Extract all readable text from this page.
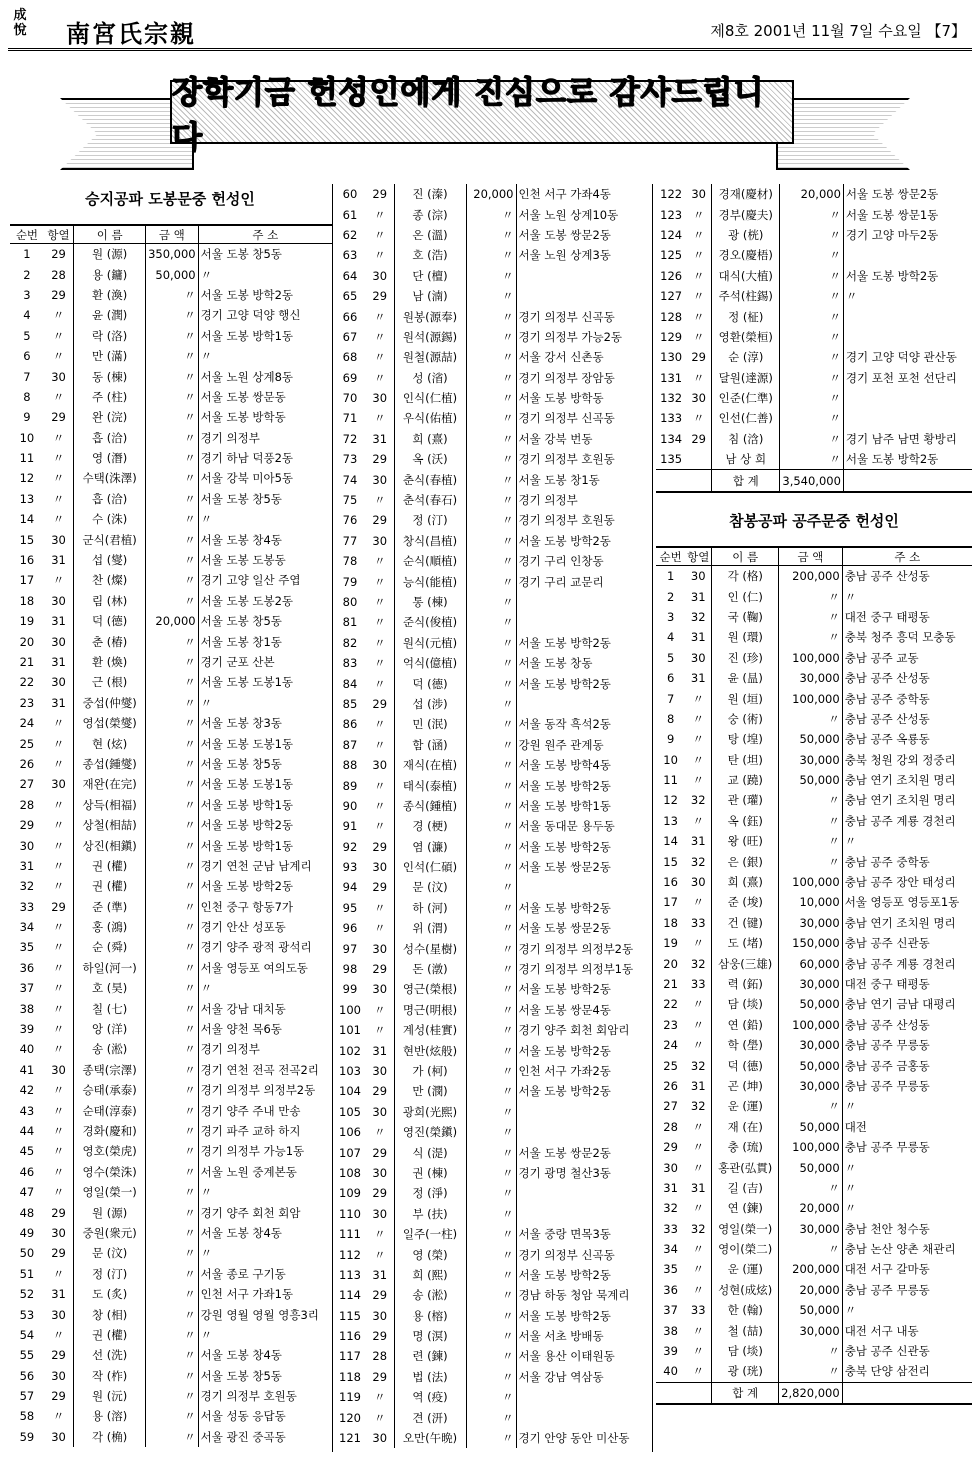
成悅 南宮氏宗親	제8호 2001년 11월 7일 수요일 【7】
장학기금 헌성인에게 진심으로 감사드립니다
승지공파 도봉문중 헌성인
순번	항열	이 름	금 액	주 소
1	29	원 (源)	350,000	서울 도봉 창5동
2	28	용 (鏞)	50,000	〃
3	29	환 (渙)	〃	서울 도봉 방학2동
4	〃	윤 (潤)	〃	경기 고양 덕양 행신
5	〃	락 (洛)	〃	서울 도봉 방학1동
6	〃	만 (滿)	〃	〃
7	30	동 (棟)	〃	서울 노원 상계8동
8	〃	주 (柱)	〃	서울 도봉 쌍문동
9	29	완 (浣)	〃	서울 도봉 방학동
10	〃	흡 (洽)	〃	경기 의정부
11	〃	영 (潛)	〃	경기 하남 덕풍2동
12	〃	수택(洙澤)	〃	서울 강북 미아5동
13	〃	흡 (洽)	〃	서울 도봉 창5동
14	〃	수 (洙)	〃	〃
15	30	군식(君植)	〃	서울 도봉 창4동
16	31	섭 (燮)	〃	서울 도봉 도봉동
17	〃	찬 (燦)	〃	경기 고양 일산 주엽
18	30	림 (林)	〃	서울 도봉 도봉2동
19	31	덕 (德)	20,000	서울 도봉 창5동
20	30	춘 (椿)	〃	서울 도봉 창1동
21	31	환 (煥)	〃	경기 군포 산본
22	30	근 (根)	〃	서울 도봉 도봉1동
23	31	중섭(仲燮)	〃	〃
24	〃	영섭(榮燮)	〃	서울 도봉 창3동
25	〃	현 (炫)	〃	서울 도봉 도봉1동
26	〃	종섭(鍾燮)	〃	서울 도봉 창5동
27	30	재완(在完)	〃	서울 도봉 도봉1동
28	〃	상득(相福)	〃	서울 도봉 방학1동
29	〃	상철(相喆)	〃	서울 도봉 방학2동
30	〃	상진(相鎭)	〃	서울 도봉 방학1동
31	〃	권 (權)	〃	경기 연천 군남 남계리
32	〃	권 (權)	〃	서울 도봉 방학2동
33	29	준 (準)	〃	인천 중구 항동7가
34	〃	홍 (鴻)	〃	경기 안산 성포동
35	〃	순 (舜)	〃	경기 양주 광적 광석리
36	〃	하일(河一)	〃	서울 영등포 여의도동
37	〃	호 (昊)	〃	〃
38	〃	칠 (七)	〃	서울 강남 대치동
39	〃	앙 (洋)	〃	서울 양천 목6동
40	〃	송 (淞)	〃	경기 의정부
41	30	종택(宗澤)	〃	경기 연천 전곡 전곡2리
42	〃	승태(承泰)	〃	경기 의정부 의정부2동
43	〃	순태(淳泰)	〃	경기 양주 주내 만송
44	〃	경화(慶和)	〃	경기 파주 교하 하지
45	〃	영호(榮虎)	〃	경기 의정부 가능1동
46	〃	영수(榮洙)	〃	서울 노원 중계본동
47	〃	영일(榮一)	〃	〃
48	29	원 (源)	〃	경기 양주 회천 회암
49	30	중원(衆元)	〃	서울 도봉 창4동
50	29	문 (汶)	〃	〃
51	〃	정 (汀)	〃	서울 종로 구기동
52	31	도 (炙)	〃	인천 서구 가좌1동
53	30	창 (相)	〃	강원 영월 영월 영흥3리
54	〃	권 (權)	〃	〃
55	29	선 (洗)	〃	서울 도봉 창4동
56	30	작 (柞)	〃	서울 도봉 창5동
57	29	원 (沅)	〃	경기 의정부 호원동
58	〃	용 (溶)	〃	서울 성동 응답동
59	30	각 (桷)	〃	서울 광진 중곡동
60	29	진 (溱)	20,000	인천 서구 가좌4동
61	〃	종 (淙)	〃	서울 노원 상계10동
62	〃	온 (溫)	〃	서울 도봉 쌍문2동
63	〃	호 (浩)	〃	서울 노원 상계3동
64	30	단 (檀)	〃	
65	29	남 (湳)	〃	
66	〃	원봉(源奉)	〃	경기 의정부 신곡동
67	〃	원석(源錫)	〃	경기 의정부 가능2동
68	〃	원철(源喆)	〃	서울 강서 신촌동
69	〃	성 (渻)	〃	경기 의정부 장암동
70	30	인식(仁植)	〃	서울 도봉 방학동
71	〃	우식(佑植)	〃	경기 의정부 신곡동
72	31	희 (熹)	〃	서울 강북 번동
73	29	옥 (沃)	〃	경기 의정부 호원동
74	30	춘식(春植)	〃	서울 도봉 창1동
75	〃	춘석(春石)	〃	경기 의정부
76	29	정 (汀)	〃	경기 의정부 호원동
77	30	창식(昌植)	〃	서울 도봉 방학2동
78	〃	순식(順植)	〃	경기 구리 인창동
79	〃	능식(能植)	〃	경기 구리 교문리
80	〃	통 (棟)	〃	
81	〃	준식(俊植)	〃	
82	〃	원식(元植)	〃	서울 도봉 방학2동
83	〃	억식(億植)	〃	서울 도봉 창동
84	〃	덕 (德)	〃	서울 도봉 방학2동
85	29	섭 (涉)	〃	
86	〃	민 (泯)	〃	서울 동작 흑석2동
87	〃	함 (涵)	〃	강원 원주 관계동
88	30	재식(在植)	〃	서울 도봉 방학4동
89	〃	태식(泰植)	〃	서울 도봉 방학2동
90	〃	종식(鍾植)	〃	서울 도봉 방학1동
91	〃	경 (梗)	〃	서울 동대문 용두동
92	29	염 (濂)	〃	서울 도봉 방학2동
93	30	인석(仁碩)	〃	서울 도봉 쌍문2동
94	29	문 (汶)	〃	
95	〃	하 (河)	〃	서울 도봉 방학2동
96	〃	위 (渭)	〃	서울 도봉 쌍문2동
97	30	성수(星樹)	〃	경기 의정부 의정부2동
98	29	돈 (潡)	〃	경기 의정부 의정부1동
99	30	영근(榮根)	〃	서울 도봉 방학2동
100	〃	명근(明根)	〃	서울 도봉 쌍문4동
101	〃	계성(桂實)	〃	경기 양주 회천 회암리
102	31	현반(炫般)	〃	서울 도봉 방학2동
103	30	가 (柯)	〃	인천 서구 가좌2동
104	29	만 (潣)	〃	서울 도봉 방학2동
105	30	광희(光熙)	〃	
106	〃	영진(榮鎭)	〃	
107	29	식 (湜)	〃	서울 도봉 쌍문2동
108	30	권 (棟)	〃	경기 광명 철산3동
109	29	정 (淨)	〃	
110	30	부 (扶)	〃	
111	〃	일주(一柱)	〃	서울 중랑 면목3동
112	〃	영 (榮)	〃	경기 의정부 신곡동
113	31	희 (熙)	〃	서울 도봉 방학2동
114	29	송 (淞)	〃	경남 하동 청암 묵계리
115	30	용 (榕)	〃	서울 도봉 방학2동
116	29	명 (溟)	〃	서울 서초 방배동
117	28	련 (鍊)	〃	서울 용산 이태원동
118	29	법 (法)	〃	서울 강남 역삼동
119	〃	역 (疫)	〃	
120	〃	견 (汧)	〃	
121	30	오만(午晩)	〃	경기 안양 동안 미산동
122	30	경재(慶材)	20,000	서울 도봉 쌍문2동
123	〃	경부(慶夫)	〃	서울 도봉 쌍문1동
124	〃	광 (桄)	〃	경기 고양 마두2동
125	〃	경오(慶梧)	〃	
126	〃	대식(大植)	〃	서울 도봉 방학2동
127	〃	주석(柱錫)	〃	〃
128	〃	정 (柾)	〃	
129	〃	영환(榮桓)	〃	
130	29	순 (淳)	〃	경기 고양 덕양 관산동
131	〃	달원(達源)	〃	경기 포천 포천 선단리
132	30	인준(仁準)	〃	
133	〃	인선(仁善)	〃	
134	29	침 (浛)	〃	경기 남주 남면 황방리
135		남 상 희	〃	서울 도봉 방학2동
		합 계	3,540,000	
참봉공파 공주문중 헌성인
순번	항열	이 름	금 액	주 소
1	30	각 (格)	200,000	충남 공주 산성동
2	31	인 (仁)	〃	〃
3	32	국 (鞠)	〃	대전 중구 태평동
4	31	원 (環)	〃	충북 청주 흥덕 모충동
5	30	진 (珍)	100,000	충남 공주 교동
6	31	윤 (昷)	30,000	충남 공주 산성동
7	〃	원 (垣)	100,000	충남 공주 중학동
8	〃	숭 (術)	〃	충남 공주 산성동
9	〃	탕 (堭)	50,000	충남 공주 옥룡동
10	〃	탄 (坦)	30,000	충북 청원 강외 정중리
11	〃	교 (蹺)	50,000	충남 연기 조치원 명리
12	32	관 (瓘)	〃	충남 연기 조치원 명리
13	〃	옥 (鈺)	〃	충남 공주 계룡 경천리
14	31	왕 (旺)	〃	〃
15	32	은 (銀)	〃	충남 공주 중학동
16	30	희 (熹)	100,000	충남 공주 장안 태성리
17	〃	준 (埈)	10,000	서울 영등포 영등포1동
18	33	건 (键)	30,000	충남 연기 조치원 명리
19	〃	도 (堵)	150,000	충남 공주 신관동
20	32	삼웅(三雄)	60,000	충남 공주 계룡 경천리
21	33	력 (鉐)	30,000	대전 중구 태평동
22	〃	담 (埮)	50,000	충남 연기 금남 대평리
23	〃	연 (鉛)	100,000	충남 공주 산성동
24	〃	학 (壆)	30,000	충남 공주 무릉동
25	32	덕 (德)	50,000	충남 공주 금홍동
26	31	곤 (坤)	30,000	충남 공주 무릉동
27	32	운 (運)	〃	〃
28	〃	재 (在)	50,000	대전
29	〃	충 (琉)	100,000	충남 공주 무릉동
30	〃	홍관(弘貫)	50,000	〃
31	31	길 (吉)	〃	〃
32	〃	연 (鍊)	20,000	〃
33	32	영일(榮一)	30,000	충남 천안 청수동
34	〃	영이(榮二)	〃	충남 논산 양촌 채관리
35	〃	운 (運)	200,000	대전 서구 갈마동
36	〃	성현(成炫)	20,000	충남 공주 무릉동
37	33	한 (翰)	50,000	〃
38	〃	철 (喆)	30,000	대전 서구 내동
39	〃	담 (埮)	〃	충남 공주 신관동
40	〃	광 (珖)	〃	충북 단양 삼전리
		합 계	2,820,000	
